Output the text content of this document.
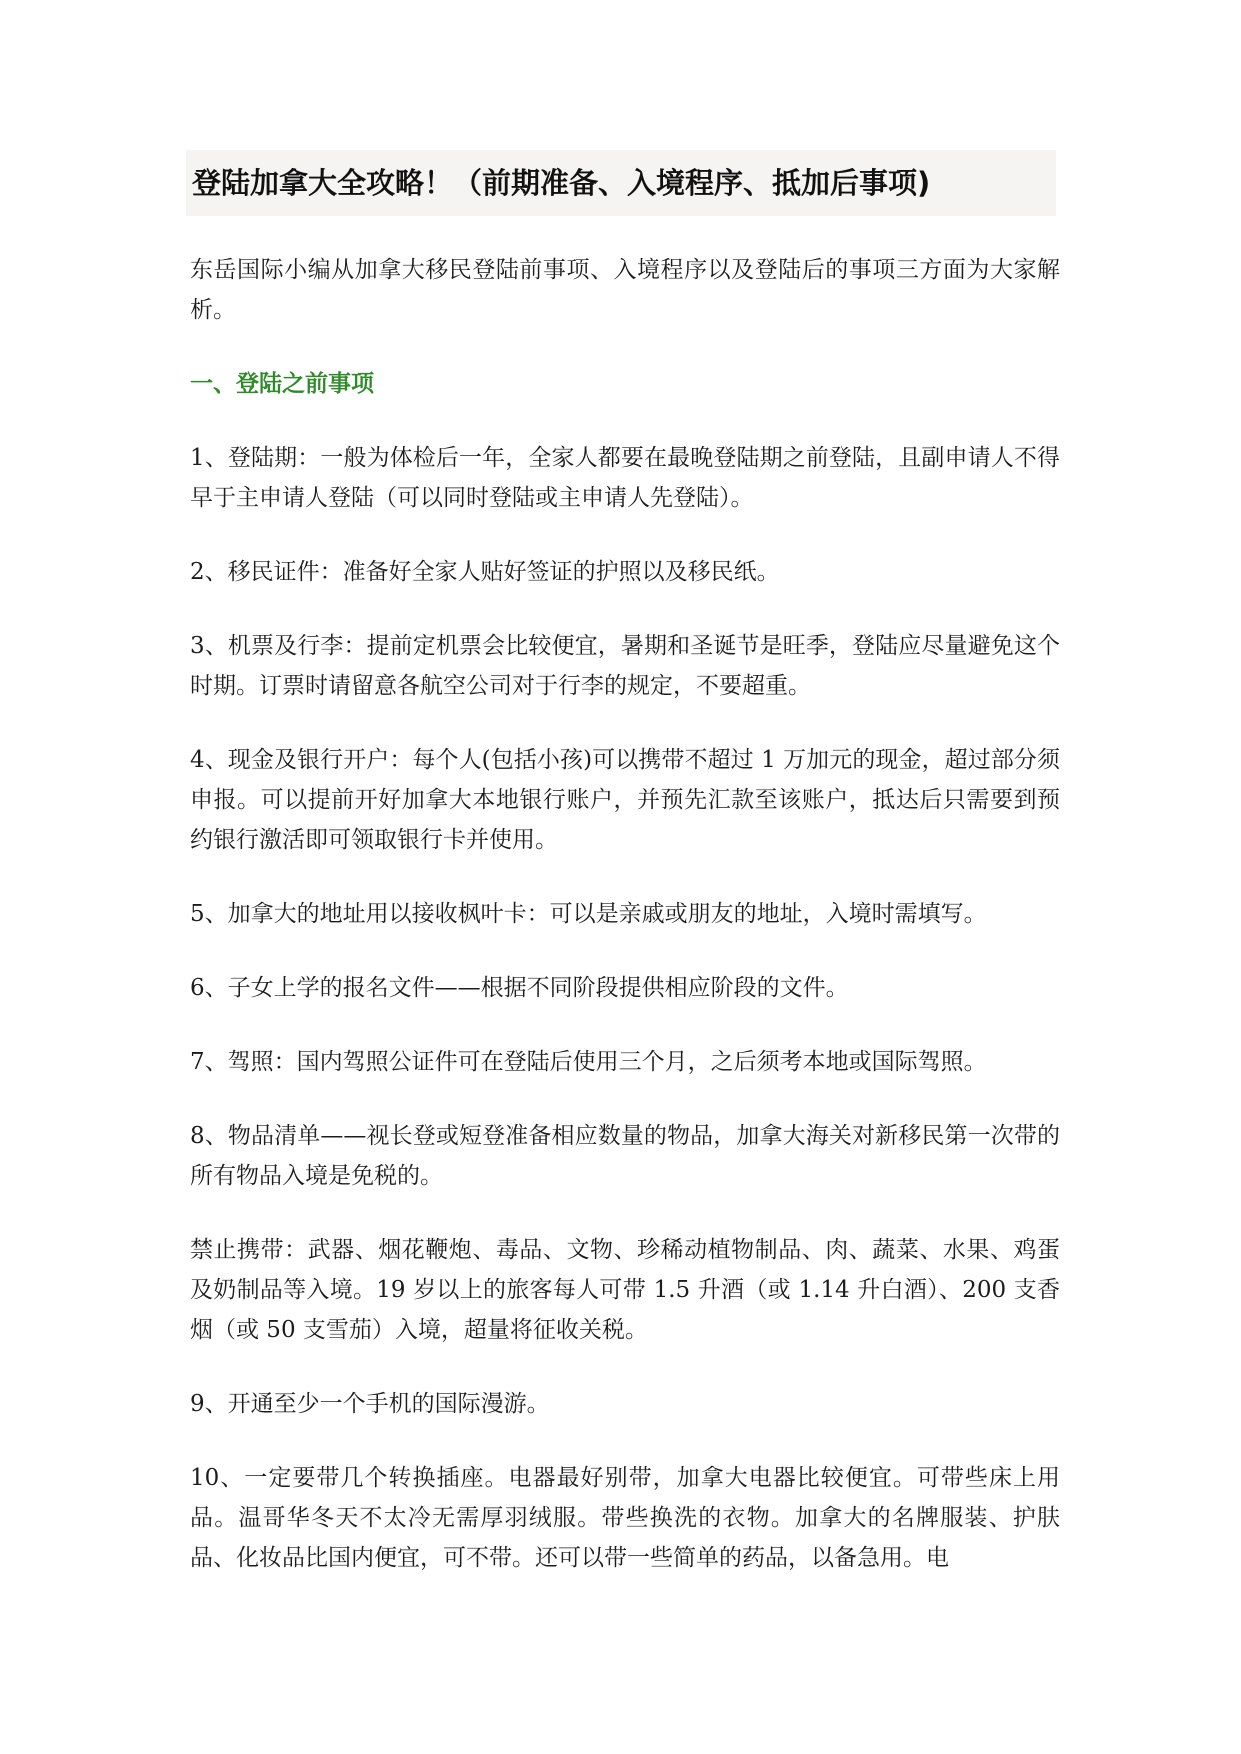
登陆加拿大全攻略！（前期准备、入境程序、抵加后事项)

东岳国际小编从加拿大移民登陆前事项、入境程序以及登陆后的事项三方面为大家解析。

一、登陆之前事项

1、登陆期：一般为体检后一年，全家人都要在最晚登陆期之前登陆，且副申请人不得早于主申请人登陆（可以同时登陆或主申请人先登陆）。

2、移民证件：准备好全家人贴好签证的护照以及移民纸。

3、机票及行李：提前定机票会比较便宜，暑期和圣诞节是旺季，登陆应尽量避免这个时期。订票时请留意各航空公司对于行李的规定，不要超重。

4、现金及银行开户：每个人(包括小孩)可以携带不超过 1 万加元的现金，超过部分须申报。可以提前开好加拿大本地银行账户，并预先汇款至该账户，抵达后只需要到预约银行激活即可领取银行卡并使用。

5、加拿大的地址用以接收枫叶卡：可以是亲戚或朋友的地址，入境时需填写。

6、子女上学的报名文件——根据不同阶段提供相应阶段的文件。

7、驾照：国内驾照公证件可在登陆后使用三个月，之后须考本地或国际驾照。

8、物品清单——视长登或短登准备相应数量的物品，加拿大海关对新移民第一次带的所有物品入境是免税的。

禁止携带：武器、烟花鞭炮、毒品、文物、珍稀动植物制品、肉、蔬菜、水果、鸡蛋及奶制品等入境。19 岁以上的旅客每人可带 1.5 升酒（或 1.14 升白酒）、200 支香烟（或 50 支雪茄）入境，超量将征收关税。

9、开通至少一个手机的国际漫游。

10、一定要带几个转换插座。电器最好别带，加拿大电器比较便宜。可带些床上用品。温哥华冬天不太冷无需厚羽绒服。带些换洗的衣物。加拿大的名牌服装、护肤品、化妆品比国内便宜，可不带。还可以带一些简单的药品，以备急用。电
